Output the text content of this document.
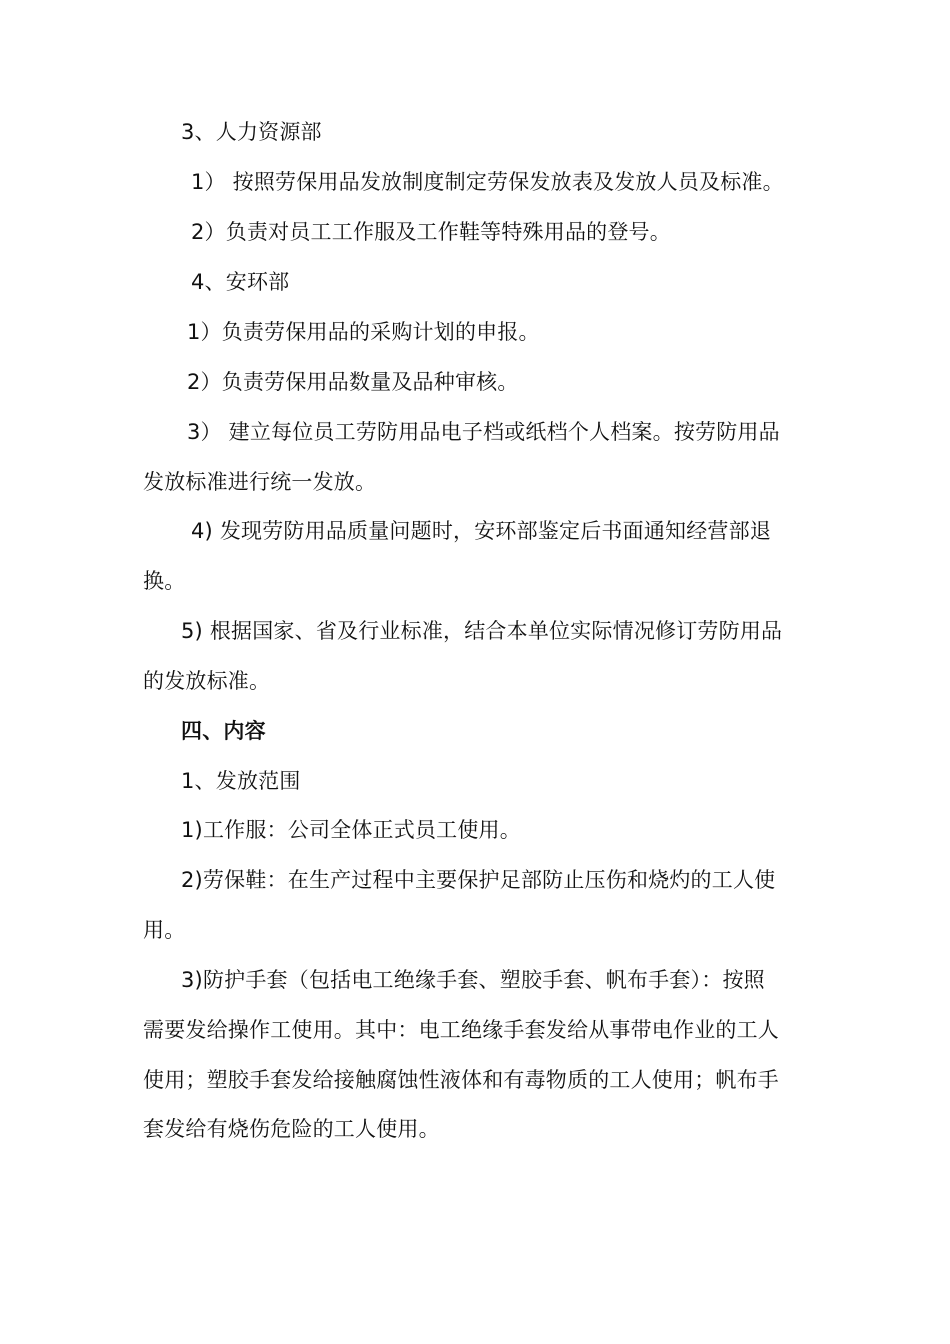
3、人力资源部
1） 按照劳保用品发放制度制定劳保发放表及发放人员及标准。
2）负责对员工工作服及工作鞋等特殊用品的登号。
4、安环部
1）负责劳保用品的采购计划的申报。
2）负责劳保用品数量及品种审核。
3） 建立每位员工劳防用品电子档或纸档个人档案。按劳防用品
发放标准进行统一发放。
4) 发现劳防用品质量问题时，安环部鉴定后书面通知经营部退
换。
5) 根据国家、省及行业标准，结合本单位实际情况修订劳防用品
的发放标准。
四、内容
1、发放范围
1)工作服：公司全体正式员工使用。
2)劳保鞋：在生产过程中主要保护足部防止压伤和烧灼的工人使
用。
3)防护手套（包括电工绝缘手套、塑胶手套、帆布手套）：按照
需要发给操作工使用。其中：电工绝缘手套发给从事带电作业的工人
使用；塑胶手套发给接触腐蚀性液体和有毒物质的工人使用；帆布手
套发给有烧伤危险的工人使用。
